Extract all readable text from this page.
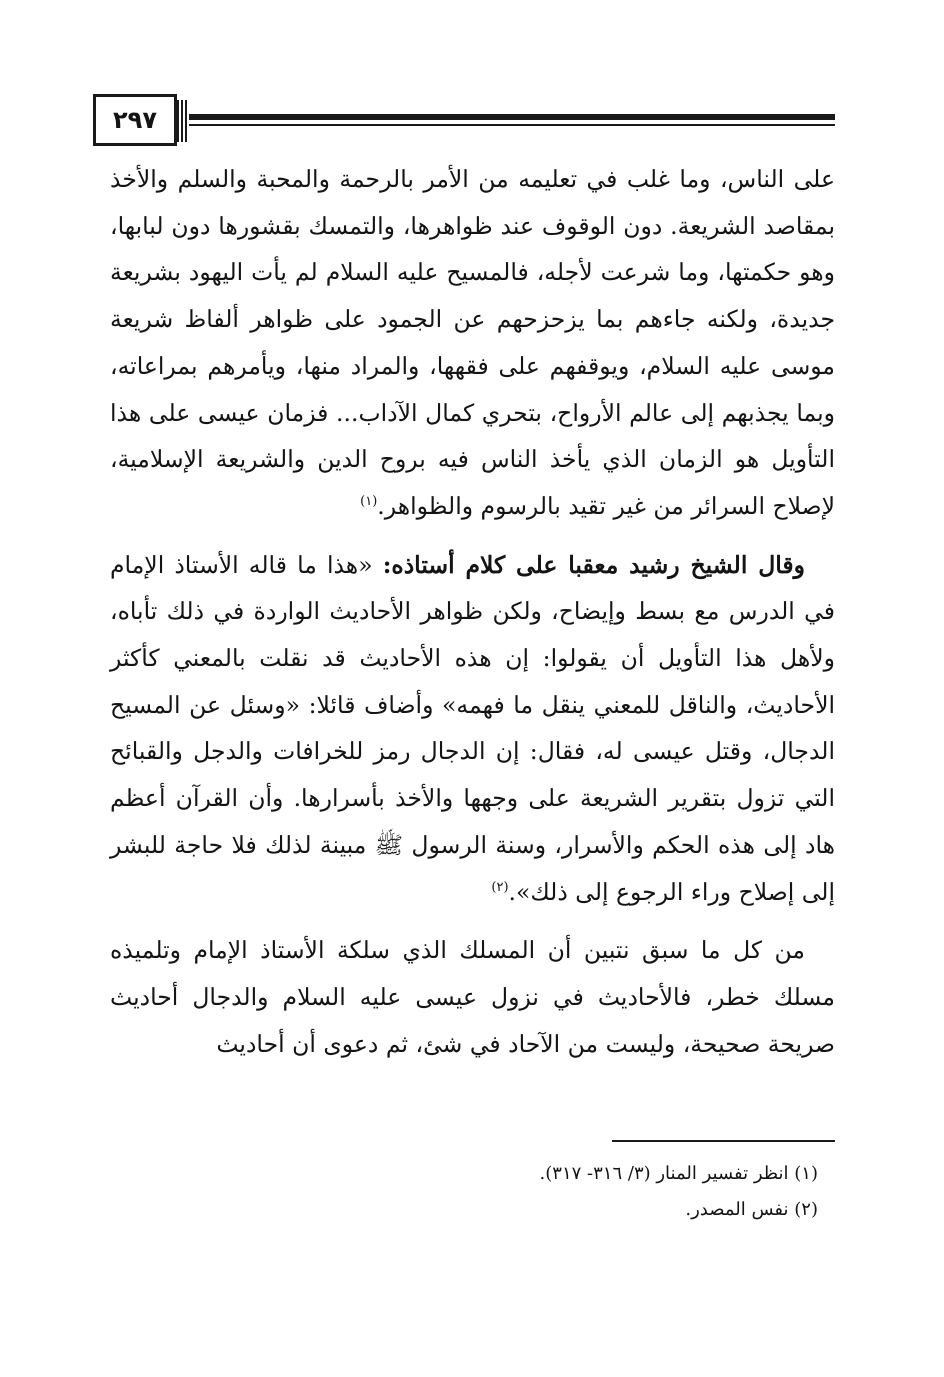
٢٩٧

على الناس، وما غلب في تعليمه من الأمر بالرحمة والمحبة والسلم والأخذ بمقاصد الشريعة. دون الوقوف عند ظواهرها، والتمسك بقشورها دون لبابها، وهو حكمتها، وما شرعت لأجله، فالمسيح عليه السلام لم يأت اليهود بشريعة جديدة، ولكنه جاءهم بما يزحزحهم عن الجمود على ظواهر ألفاظ شريعة موسى عليه السلام، ويوقفهم على فقهها، والمراد منها، ويأمرهم بمراعاته، وبما يجذبهم إلى عالم الأرواح، بتحري كمال الآداب... فزمان عيسى على هذا التأويل هو الزمان الذي يأخذ الناس فيه بروح الدين والشريعة الإسلامية، لإصلاح السرائر من غير تقيد بالرسوم والظواهر.$^{(١)}$

وقال الشيخ رشيد معقبا على كلام أستاذه: «هذا ما قاله الأستاذ الإمام في الدرس مع بسط وإيضاح، ولكن ظواهر الأحاديث الواردة في ذلك تأباه، ولأهل هذا التأويل أن يقولوا: إن هذه الأحاديث قد نقلت بالمعني كأكثر الأحاديث، والناقل للمعني ينقل ما فهمه» وأضاف قائلا: «وسئل عن المسيح الدجال، وقتل عيسى له، فقال: إن الدجال رمز للخرافات والدجل والقبائح التي تزول بتقرير الشريعة على وجهها والأخذ بأسرارها. وأن القرآن أعظم هاد إلى هذه الحكم والأسرار، وسنة الرسول ﷺ مبينة لذلك فلا حاجة للبشر إلى إصلاح وراء الرجوع إلى ذلك».$^{(٢)}$

من كل ما سبق نتبين أن المسلك الذي سلكة الأستاذ الإمام وتلميذه مسلك خطر، فالأحاديث في نزول عيسى عليه السلام والدجال أحاديث صريحة صحيحة، وليست من الآحاد في شئ، ثم دعوى أن أحاديث

(١) انظر تفسير المنار (٣/ ٣١٦- ٣١٧).
(٢) نفس المصدر.
